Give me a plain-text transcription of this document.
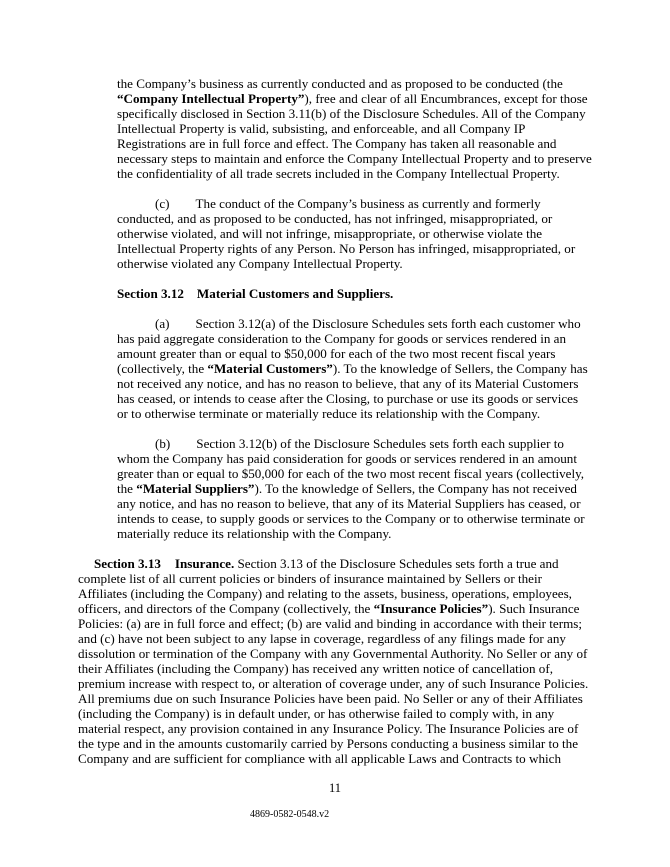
the Company’s business as currently conducted and as proposed to be conducted (the “Company Intellectual Property”), free and clear of all Encumbrances, except for those specifically disclosed in Section 3.11(b) of the Disclosure Schedules. All of the Company Intellectual Property is valid, subsisting, and enforceable, and all Company IP Registrations are in full force and effect. The Company has taken all reasonable and necessary steps to maintain and enforce the Company Intellectual Property and to preserve the confidentiality of all trade secrets included in the Company Intellectual Property.

(c) The conduct of the Company’s business as currently and formerly conducted, and as proposed to be conducted, has not infringed, misappropriated, or otherwise violated, and will not infringe, misappropriate, or otherwise violate the Intellectual Property rights of any Person. No Person has infringed, misappropriated, or otherwise violated any Company Intellectual Property.

Section 3.12 Material Customers and Suppliers.

(a) Section 3.12(a) of the Disclosure Schedules sets forth each customer who has paid aggregate consideration to the Company for goods or services rendered in an amount greater than or equal to $50,000 for each of the two most recent fiscal years (collectively, the “Material Customers”). To the knowledge of Sellers, the Company has not received any notice, and has no reason to believe, that any of its Material Customers has ceased, or intends to cease after the Closing, to purchase or use its goods or services or to otherwise terminate or materially reduce its relationship with the Company.

(b) Section 3.12(b) of the Disclosure Schedules sets forth each supplier to whom the Company has paid consideration for goods or services rendered in an amount greater than or equal to $50,000 for each of the two most recent fiscal years (collectively, the “Material Suppliers”). To the knowledge of Sellers, the Company has not received any notice, and has no reason to believe, that any of its Material Suppliers has ceased, or intends to cease, to supply goods or services to the Company or to otherwise terminate or materially reduce its relationship with the Company.

Section 3.13 Insurance. Section 3.13 of the Disclosure Schedules sets forth a true and complete list of all current policies or binders of insurance maintained by Sellers or their Affiliates (including the Company) and relating to the assets, business, operations, employees, officers, and directors of the Company (collectively, the “Insurance Policies”). Such Insurance Policies: (a) are in full force and effect; (b) are valid and binding in accordance with their terms; and (c) have not been subject to any lapse in coverage, regardless of any filings made for any dissolution or termination of the Company with any Governmental Authority. No Seller or any of their Affiliates (including the Company) has received any written notice of cancellation of, premium increase with respect to, or alteration of coverage under, any of such Insurance Policies. All premiums due on such Insurance Policies have been paid. No Seller or any of their Affiliates (including the Company) is in default under, or has otherwise failed to comply with, in any material respect, any provision contained in any Insurance Policy. The Insurance Policies are of the type and in the amounts customarily carried by Persons conducting a business similar to the Company and are sufficient for compliance with all applicable Laws and Contracts to which

11
4869-0582-0548.v2
